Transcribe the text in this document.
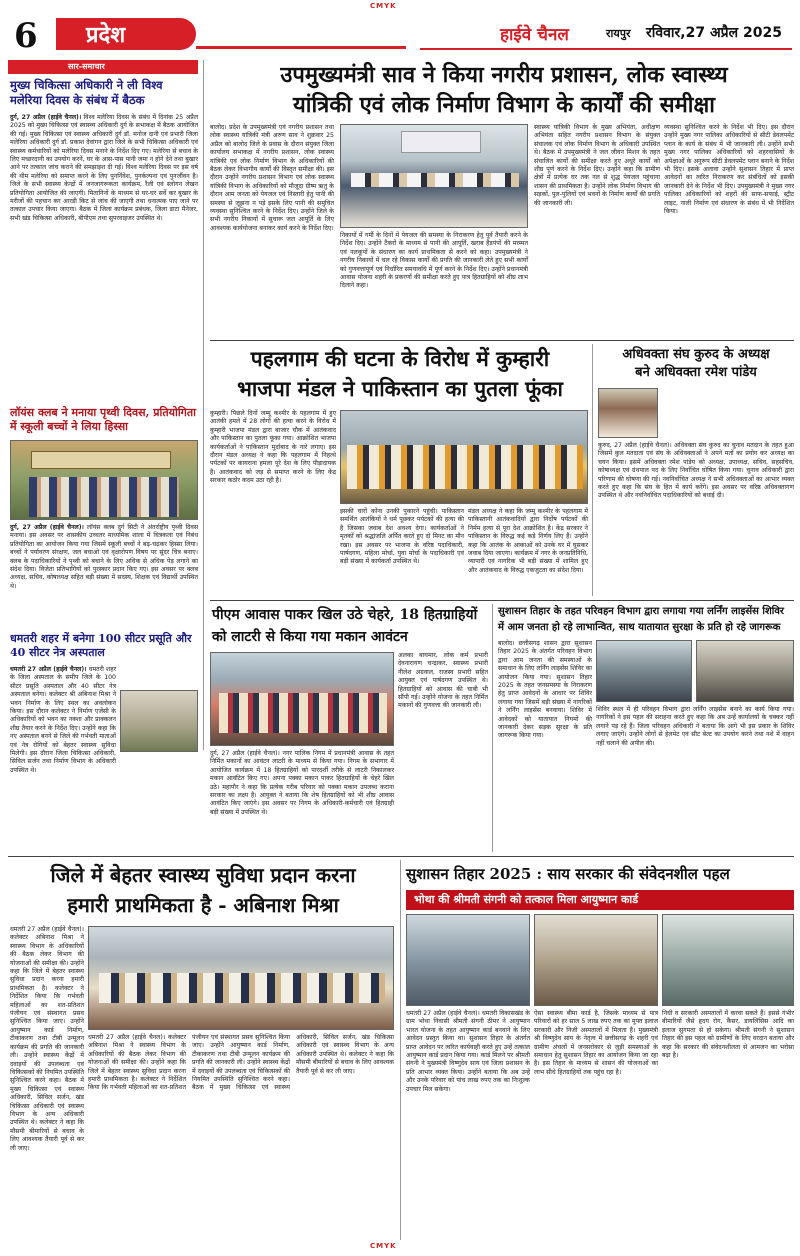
CMYK
6 प्रदेश	हाईवे चैनल	रायपुर रविवार,27 अप्रैल 2025
सार-समाचार
मुख्य चिकित्सा अधिकारी ने ली विश्व मलेरिया दिवस के संबंध में बैठक
दुर्ग, 27 अप्रैल (हाईवे चैनल)। विश्व मलेरिया दिवस के संबंध में दिनांक 25 अप्रैल 2025 को मुख्य चिकित्सा एवं स्वास्थ्य अधिकारी दुर्ग के सभाकक्ष में बैठक आयोजित की गई। मुख्य चिकित्सा एवं स्वास्थ्य अधिकारी दुर्ग डॉ. मनोज दानी एवं प्रभारी जिला मलेरिया अधिकारी दुर्ग डॉ. प्रकाश देवांगन द्वारा जिले के सभी चिकित्सा अधिकारी एवं स्वास्थ्य कर्मचारियों को मलेरिया दिवस मनाने के निर्देश दिए गए। मलेरिया से बचाव के लिए मच्छरदानी का उपयोग करने, घर के आस-पास पानी जमा न होने देने तथा बुखार आने पर तत्काल जांच कराने की समझाइश दी गई। विश्व मलेरिया दिवस पर इस वर्ष की थीम मलेरिया को समाप्त करने के लिए पुनर्निवेश, पुनर्कल्पना एवं पुनर्जीवन है। जिले के सभी स्वास्थ्य केन्द्रों में जनजागरूकता कार्यक्रम, रैली एवं स्लोगन लेखन प्रतियोगिता आयोजित की जाएगी। मितानिनों के माध्यम से घर-घर सर्वे कर बुखार के मरीजों की पहचान कर आरडी किट से जांच की जाएगी तथा धनात्मक पाए जाने पर तत्काल उपचार किया जाएगा। बैठक में जिला कार्यक्रम प्रबंधक, जिला डाटा मैनेजर, सभी खंड चिकित्सा अधिकारी, बीपीएम तथा सुपरवाइजर उपस्थित थे।
लॉयंस क्लब ने मनाया पृथ्वी दिवस, प्रतियोगिता में स्कूली बच्चों ने लिया हिस्सा
दुर्ग, 27 अप्रैल (हाईवे चैनल)। लॉयंस क्लब दुर्ग सिटी ने अंतर्राष्ट्रीय पृथ्वी दिवस मनाया। इस अवसर पर शासकीय उच्चतर माध्यमिक शाला में चित्रकला एवं निबंध प्रतियोगिता का आयोजन किया गया जिसमें स्कूली बच्चों ने बढ़-चढ़कर हिस्सा लिया। बच्चों ने पर्यावरण संरक्षण, जल बचाओ एवं वृक्षारोपण विषय पर सुंदर चित्र बनाए। क्लब के पदाधिकारियों ने पृथ्वी को बचाने के लिए अधिक से अधिक पेड़ लगाने का संदेश दिया। विजेता प्रतिभागियों को पुरस्कार प्रदान किए गए। इस अवसर पर क्लब अध्यक्ष, सचिव, कोषाध्यक्ष सहित बड़ी संख्या में सदस्य, शिक्षक एवं विद्यार्थी उपस्थित थे।
धमतरी शहर में बनेगा 100 सीटर प्रसूति और 40 सीटर नेत्र अस्पताल
धमतरी 27 अप्रैल (हाईवे चैनल)। धमतरी शहर के जिला अस्पताल के समीप जिले के 100 सीटर प्रसूति अस्पताल और 40 सीटर नेत्र अस्पताल बनेगा। कलेक्टर श्री अबिनाश मिश्रा ने भवन निर्माण के लिए स्थल का अवलोकन किया। इस दौरान कलेक्टर ने निर्माण एजेंसी के अधिकारियों को भवन का नक्शा और प्राक्कलन शीघ्र तैयार करने के निर्देश दिए। उन्होंने कहा कि नए अस्पताल बनने से जिले की गर्भवती माताओं एवं नेत्र रोगियों को बेहतर स्वास्थ्य सुविधा मिलेगी। इस दौरान जिला चिकित्सा अधिकारी, सिविल सर्जन तथा निर्माण विभाग के अधिकारी उपस्थित थे।
उपमुख्यमंत्री साव ने किया नगरीय प्रशासन, लोक स्वास्थ्य
यांत्रिकी एवं लोक निर्माण विभाग के कार्यों की समीक्षा
बालोद। प्रदेश के उपमुख्यमंत्री एवं नगरीय प्रशासन तथा लोक स्वास्थ्य यांत्रिकी मंत्री अरुण साव ने शुक्रवार 25 अप्रैल को बालोद जिले के प्रवास के दौरान संयुक्त जिला कार्यालय सभाकक्ष में नगरीय प्रशासन, लोक स्वास्थ्य यांत्रिकी एवं लोक निर्माण विभाग के अधिकारियों की बैठक लेकर विभागीय कार्यों की विस्तृत समीक्षा की। इस दौरान उन्होंने नगरीय प्रशासन विभाग एवं लोक स्वास्थ्य यांत्रिकी विभाग के अधिकारियों को मौजूदा ग्रीष्म ऋतु के दौरान आम जनता को पेयजल एवं निस्तारी हेतु पानी की समस्या से जूझना न पड़े इसके लिए पानी की समुचित व्यवस्था सुनिश्चित करने के निर्देश दिए। उन्होंने जिले के सभी नगरीय निकायों में सुचारू जल आपूर्ति के लिए आवश्यक कार्ययोजना बनाकर कार्य करने के निर्देश दिए।
निकायों में गर्मी के दिनों में पेयजल की समस्या के निराकरण हेतु पूर्व तैयारी करने के निर्देश दिए। उन्होंने टैंकरों के माध्यम से पानी की आपूर्ति, खराब हैंडपंपों की मरम्मत एवं नलकूपों के संधारण का कार्य प्राथमिकता से करने को कहा। उपमुख्यमंत्री ने नगरीय निकायों में चल रहे विकास कार्यों की प्रगति की जानकारी लेते हुए सभी कार्यों को गुणवत्तापूर्ण एवं निर्धारित समयावधि में पूर्ण करने के निर्देश दिए। उन्होंने प्रधानमंत्री आवास योजना शहरी के प्रकरणों की समीक्षा करते हुए पात्र हितग्राहियों को शीघ्र लाभ दिलाने कहा।
स्वास्थ्य यांत्रिकी विभाग के मुख्य अभियंता, अधीक्षण अभियंता सहित नगरीय प्रशासन विभाग के संयुक्त संचालक एवं लोक निर्माण विभाग के अधिकारी उपस्थित थे। बैठक में उपमुख्यमंत्री ने जल जीवन मिशन के तहत संचालित कार्यों की समीक्षा करते हुए अधूरे कार्यों को शीघ्र पूर्ण करने के निर्देश दिए। उन्होंने कहा कि ग्रामीण क्षेत्रों में प्रत्येक घर तक नल से शुद्ध पेयजल पहुंचाना शासन की प्राथमिकता है। उन्होंने लोक निर्माण विभाग की सड़कों, पुल-पुलियों एवं भवनों के निर्माण कार्यों की प्रगति की जानकारी ली।
व्यवस्था सुनिश्चित करने के निर्देश भी दिए। इस दौरान उन्होंने मुख्य नगर पालिका अधिकारियों से सीटी डेवलपमेंट प्लान के कार्य के संबंध में भी जानकारी ली। उन्होंने सभी मुख्य नगर पालिका अधिकारियों को शहरवासियों के अपेक्षाओं के अनुरूप सीटी डेवलपमेंट प्लान बनाने के निर्देश भी दिए। इसके अलावा उन्होंने सुशासन तिहार में प्राप्त आवेदनों का त्वरित निराकरण कर संबंधितों को इसकी जानकारी देने के निर्देश भी दिए। उपमुख्यमंत्री ने मुख्य नगर पालिका अधिकारियों को शहरों की साफ-सफाई, स्ट्रीट लाइट, नाली निर्माण एवं संधारण के संबंध में भी निर्देशित किया।
पहलगाम की घटना के विरोध में कुम्हारी
भाजपा मंडल ने पाकिस्तान का पुतला फूंका
कुम्हारी। पिछले दिनों जम्मू कश्मीर के पहलगाम में हुए आतंकी हमले में 28 लोगों की हत्या करने के विरोध में कुम्हारी भाजपा मंडल द्वारा बाजार चौक में आतंकवाद और पाकिस्तान का पुतला फूंका गया। आक्रोशित भाजपा कार्यकर्ताओं ने पाकिस्तान मुर्दाबाद के नारे लगाए। इस दौरान मंडल अध्यक्ष ने कहा कि पहलगाम में निहत्थे पर्यटकों पर कायराना हमला पूरे देश के लिए पीड़ादायक है। आतंकवाद को जड़ से समाप्त करने के लिए केंद्र सरकार कठोर कदम उठा रही है।
इसकी चारों कोंना उनकी पुकारने पहुंची। पाकिस्तान समर्थित आतंकियों ने धर्म पूछकर पर्यटकों की हत्या की है जिसका जवाब देश अवश्य देगा। कार्यकर्ताओं ने मृतकों को श्रद्धांजलि अर्पित करते हुए दो मिनट का मौन रखा। इस अवसर पर भाजपा के वरिष्ठ पदाधिकारी, पार्षदगण, महिला मोर्चा, युवा मोर्चा के पदाधिकारी एवं बड़ी संख्या में कार्यकर्ता उपस्थित थे।
मंडल अध्यक्ष ने कहा कि जम्मू कश्मीर के पहलगाम में पाकिस्तानी आतंकवादियों द्वारा निर्दोष पर्यटकों की निर्मम हत्या से पूरा देश आक्रोशित है। केंद्र सरकार ने पाकिस्तान के विरुद्ध कई कड़े निर्णय लिए हैं। उन्होंने कहा कि आतंक के आकाओं को उनके घर में घुसकर जवाब दिया जाएगा। कार्यक्रम में नगर के जनप्रतिनिधि, व्यापारी एवं नागरिक भी बड़ी संख्या में शामिल हुए और आतंकवाद के विरुद्ध एकजुटता का संदेश दिया।
अधिवक्ता संघ कुरुद के अध्यक्ष
बने अधिवक्ता रमेश पांडेय
कुरुद, 27 अप्रैल (हाईवे चैनल)। अधिवक्ता संघ कुरुद का चुनाव मतदान के तहत हुआ जिसमें कुल मतदाता एवं संघ के अधिवक्ताओं ने अपने मतों का प्रयोग कर अध्यक्ष का चयन किया। इसमें अधिवक्ता रमेश पांडेय को अध्यक्ष, उपाध्यक्ष, सचिव, सहसचिव, कोषाध्यक्ष एवं ग्रंथपाल पद के लिए निर्वाचित घोषित किया गया। चुनाव अधिकारी द्वारा परिणाम की घोषणा की गई। नवनिर्वाचित अध्यक्ष ने सभी अधिवक्ताओं का आभार व्यक्त करते हुए कहा कि संघ के हित में कार्य करेंगे। इस अवसर पर वरिष्ठ अधिवक्तागण उपस्थित थे और नवनिर्वाचित पदाधिकारियों को बधाई दी।
पीएम आवास पाकर खिल उठे चेहरे, 18 हितग्राहियों
को लाटरी से किया गया मकान आवंटन
दुर्ग, 27 अप्रैल (हाईवे चैनल)। नगर पालिक निगम में प्रधानमंत्री आवास के तहत निर्मित मकानों का आवंटन लाटरी के माध्यम से किया गया। निगम के सभागार में आयोजित कार्यक्रम में 18 हितग्राहियों को पारदर्शी तरीके से लाटरी निकालकर मकान आवंटित किए गए। अपना पक्का मकान पाकर हितग्राहियों के चेहरे खिल उठे। महापौर ने कहा कि प्रत्येक गरीब परिवार को पक्का मकान उपलब्ध कराना सरकार का लक्ष्य है। आयुक्त ने बताया कि शेष हितग्राहियों को भी शीघ्र आवास आवंटित किए जाएंगे। इस अवसर पर निगम के अधिकारी-कर्मचारी एवं हितग्राही बड़ी संख्या में उपस्थित थे।
अलका बाघमार, लोक कर्म प्रभारी देवनारायण चन्द्राकर, स्वास्थ्य प्रभारी नीलेश अग्रवाल, राजस्व प्रभारी सहित आयुक्त एवं पार्षदगण उपस्थित थे। हितग्राहियों को आवास की चाबी भी सौंपी गई। उन्होंने योजना के तहत निर्मित मकानों की गुणवत्ता की जानकारी ली।
सुशासन तिहार के तहत परिवहन विभाग द्वारा लगाया गया लर्निंग लाइसेंस शिविर
में आम जनता हो रहे लाभान्वित, साथ यातायात सुरक्षा के प्रति हो रहे जागरूक
बालोद। छत्तीसगढ़ शासन द्वारा सुशासन तिहार 2025 के अंतर्गत परिवहन विभाग द्वारा आम जनता की समस्याओं के समाधान के लिए लर्निंग लाइसेंस शिविर का आयोजन किया गया। सुशासन तिहार 2025 के तहत जनसमस्या के निराकरण हेतु प्राप्त आवेदनों के आधार पर शिविर लगाया गया जिसमें बड़ी संख्या में नागरिकों ने लर्निंग लाइसेंस बनवाया। शिविर में आवेदकों को यातायात नियमों की जानकारी देकर सड़क सुरक्षा के प्रति जागरूक किया गया।
शिविर स्थल में ही परिवहन विभाग द्वारा लर्निंग लाइसेंस बनाने का कार्य किया गया। नागरिकों ने इस पहल की सराहना करते हुए कहा कि अब उन्हें कार्यालयों के चक्कर नहीं लगाने पड़ रहे हैं। जिला परिवहन अधिकारी ने बताया कि आगे भी इस प्रकार के शिविर लगाए जाएंगे। उन्होंने लोगों से हेलमेट एवं सीट बेल्ट का उपयोग करने तथा नशे में वाहन नहीं चलाने की अपील की।
जिले में बेहतर स्वास्थ्य सुविधा प्रदान करना
हमारी प्राथमिकता है - अबिनाश मिश्रा
धमतरी 27 अप्रैल (हाईवे चैनल)। कलेक्टर अबिनाश मिश्रा ने स्वास्थ्य विभाग के अधिकारियों की बैठक लेकर विभाग की योजनाओं की समीक्षा की। उन्होंने कहा कि जिले में बेहतर स्वास्थ्य सुविधा प्रदान करना हमारी प्राथमिकता है। कलेक्टर ने निर्देशित किया कि गर्भवती महिलाओं का शत-प्रतिशत पंजीयन एवं संस्थागत प्रसव सुनिश्चित किया जाए। उन्होंने आयुष्मान कार्ड निर्माण, टीकाकरण तथा टीबी उन्मूलन कार्यक्रम की प्रगति की जानकारी ली। उन्होंने स्वास्थ्य केंद्रों में दवाइयों की उपलब्धता एवं चिकित्सकों की नियमित उपस्थिति सुनिश्चित करने कहा। बैठक में मुख्य चिकित्सा एवं स्वास्थ्य अधिकारी, सिविल सर्जन, खंड चिकित्सा अधिकारी एवं स्वास्थ्य विभाग के अन्य अधिकारी उपस्थित थे। कलेक्टर ने कहा कि मौसमी बीमारियों से बचाव के लिए आवश्यक तैयारी पूर्व से कर ली जाए।
धमतरी 27 अप्रैल (हाईवे चैनल)। कलेक्टर अबिनाश मिश्रा ने स्वास्थ्य विभाग के अधिकारियों की बैठक लेकर विभाग की योजनाओं की समीक्षा की। उन्होंने कहा कि जिले में बेहतर स्वास्थ्य सुविधा प्रदान करना हमारी प्राथमिकता है। कलेक्टर ने निर्देशित किया कि गर्भवती महिलाओं का शत-प्रतिशत पंजीयन एवं संस्थागत प्रसव सुनिश्चित किया जाए। उन्होंने आयुष्मान कार्ड निर्माण, टीकाकरण तथा टीबी उन्मूलन कार्यक्रम की प्रगति की जानकारी ली। उन्होंने स्वास्थ्य केंद्रों में दवाइयों की उपलब्धता एवं चिकित्सकों की नियमित उपस्थिति सुनिश्चित करने कहा। बैठक में मुख्य चिकित्सा एवं स्वास्थ्य अधिकारी, सिविल सर्जन, खंड चिकित्सा अधिकारी एवं स्वास्थ्य विभाग के अन्य अधिकारी उपस्थित थे। कलेक्टर ने कहा कि मौसमी बीमारियों से बचाव के लिए आवश्यक तैयारी पूर्व से कर ली जाए।
सुशासन तिहार 2025 : साय सरकार की संवेदनशील पहल
भोथा की श्रीमती संगनी को तत्काल मिला आयुष्मान कार्ड
धमतरी 27 अप्रैल (हाईवे चैनल)। धमतरी विकासखंड के ग्राम भोथा निवासी श्रीमती संगनी ठीमर ने आयुष्मान भारत योजना के तहत आयुष्मान कार्ड बनवाने के लिए आवेदन प्रस्तुत किया था। सुशासन तिहार के अंतर्गत प्राप्त आवेदन पर त्वरित कार्यवाही करते हुए उन्हें तत्काल आयुष्मान कार्ड प्रदान किया गया। कार्ड मिलने पर श्रीमती संगनी ने मुख्यमंत्री विष्णुदेव साय एवं जिला प्रशासन के प्रति आभार व्यक्त किया। उन्होंने बताया कि अब उन्हें और उनके परिवार को पांच लाख रुपए तक का निःशुल्क उपचार मिल सकेगा।
ऐसा स्वास्थ्य बीमा कार्ड है, जिसके माध्यम से पात्र परिवारों को हर साल 5 लाख रुपए तक का मुफ्त इलाज सरकारी और निजी अस्पतालों में मिलता है। मुख्यमंत्री श्री विष्णुदेव साय के नेतृत्व में छत्तीसगढ़ के शहरी एवं ग्रामीण अंचलों में जनसरोकार से जुड़ी समस्याओं के समाधान हेतु सुशासन तिहार का आयोजन किया जा रहा है। इस तिहार के माध्यम से शासन की योजनाओं का लाभ सीधे हितग्राहियों तक पहुंच रहा है।
निधी व सरकारी अस्पतालों में करवा सकते हैं। इससे गंभीर बीमारियों जैसे हृदय रोग, कैंसर, डायलिसिस आदि का इलाज सुगमता से हो सकेगा। श्रीमती संगनी ने सुशासन तिहार की इस पहल को ग्रामीणों के लिए वरदान बताया और कहा कि सरकार की संवेदनशीलता से आमजन का भरोसा बढ़ा है।
CMYK
